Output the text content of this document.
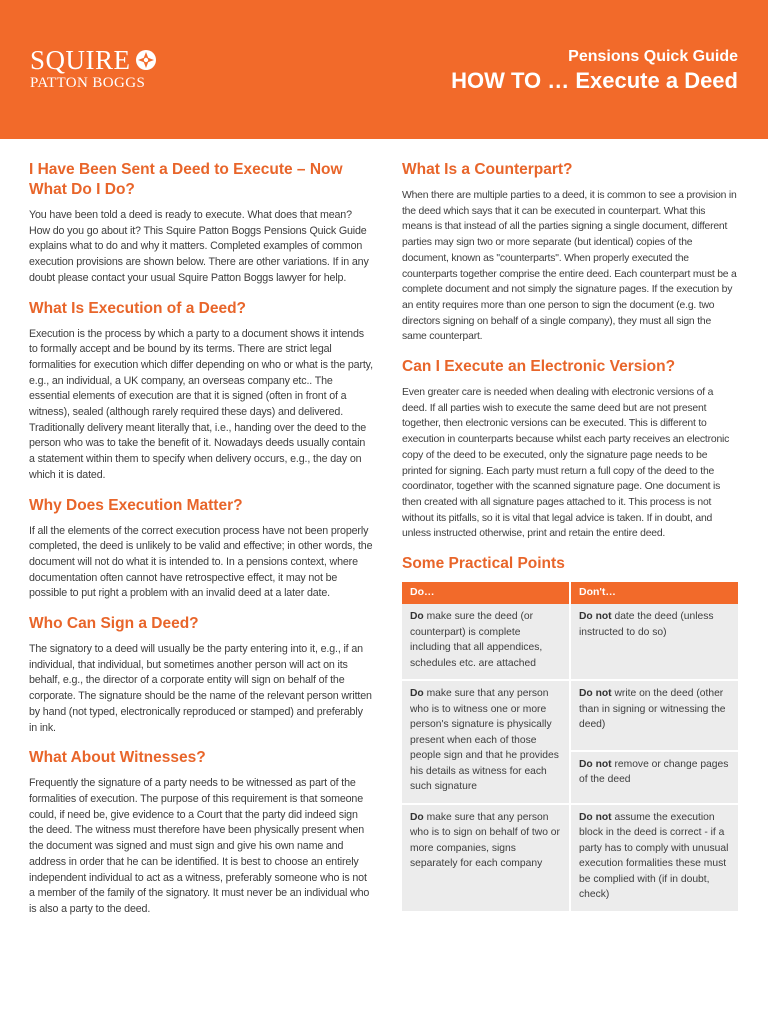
SQUIRE
PATTON BOGGS
Pensions Quick Guide
HOW TO … Execute a Deed
I Have Been Sent a Deed to Execute – Now What Do I Do?

You have been told a deed is ready to execute. What does that mean? How do you go about it? This Squire Patton Boggs Pensions Quick Guide explains what to do and why it matters. Completed examples of common execution provisions are shown below. There are other variations. If in any doubt please contact your usual Squire Patton Boggs lawyer for help.

What Is Execution of a Deed?

Execution is the process by which a party to a document shows it intends to formally accept and be bound by its terms. There are strict legal formalities for execution which differ depending on who or what is the party, e.g., an individual, a UK company, an overseas company etc.. The essential elements of execution are that it is signed (often in front of a witness), sealed (although rarely required these days) and delivered. Traditionally delivery meant literally that, i.e., handing over the deed to the person who was to take the benefit of it. Nowadays deeds usually contain a statement within them to specify when delivery occurs, e.g., the day on which it is dated.

Why Does Execution Matter?

If all the elements of the correct execution process have not been properly completed, the deed is unlikely to be valid and effective; in other words, the document will not do what it is intended to. In a pensions context, where documentation often cannot have retrospective effect, it may not be possible to put right a problem with an invalid deed at a later date.

Who Can Sign a Deed?

The signatory to a deed will usually be the party entering into it, e.g., if an individual, that individual, but sometimes another person will act on its behalf, e.g., the director of a corporate entity will sign on behalf of the corporate. The signature should be the name of the relevant person written by hand (not typed, electronically reproduced or stamped) and preferably in ink.

What About Witnesses?

Frequently the signature of a party needs to be witnessed as part of the formalities of execution. The purpose of this requirement is that someone could, if need be, give evidence to a Court that the party did indeed sign the deed. The witness must therefore have been physically present when the document was signed and must sign and give his own name and address in order that he can be identified. It is best to choose an entirely independent individual to act as a witness, preferably someone who is not a member of the family of the signatory. It must never be an individual who is also a party to the deed.

What Is a Counterpart?

When there are multiple parties to a deed, it is common to see a provision in the deed which says that it can be executed in counterpart. What this means is that instead of all the parties signing a single document, different parties may sign two or more separate (but identical) copies of the document, known as "counterparts". When properly executed the counterparts together comprise the entire deed. Each counterpart must be a complete document and not simply the signature pages. If the execution by an entity requires more than one person to sign the document (e.g. two directors signing on behalf of a single company), they must all sign the same counterpart.

Can I Execute an Electronic Version?

Even greater care is needed when dealing with electronic versions of a deed. If all parties wish to execute the same deed but are not present together, then electronic versions can be executed. This is different to execution in counterparts because whilst each party receives an electronic copy of the deed to be executed, only the signature page needs to be printed for signing. Each party must return a full copy of the deed to the coordinator, together with the scanned signature page. One document is then created with all signature pages attached to it. This process is not without its pitfalls, so it is vital that legal advice is taken. If in doubt, and unless instructed otherwise, print and retain the entire deed.

Some Practical Points
Do…	Don't…
Do make sure the deed (or counterpart) is complete including that all appendices, schedules etc. are attached	Do not date the deed (unless instructed to do so)
Do make sure that any person who is to witness one or more person's signature is physically present when each of those people sign and that he provides his details as witness for each such signature	Do not write on the deed (other than in signing or witnessing the deed)
	Do not remove or change pages of the deed
Do make sure that any person who is to sign on behalf of two or more companies, signs separately for each company	Do not assume the execution block in the deed is correct - if a party has to comply with unusual execution formalities these must be complied with (if in doubt, check)
